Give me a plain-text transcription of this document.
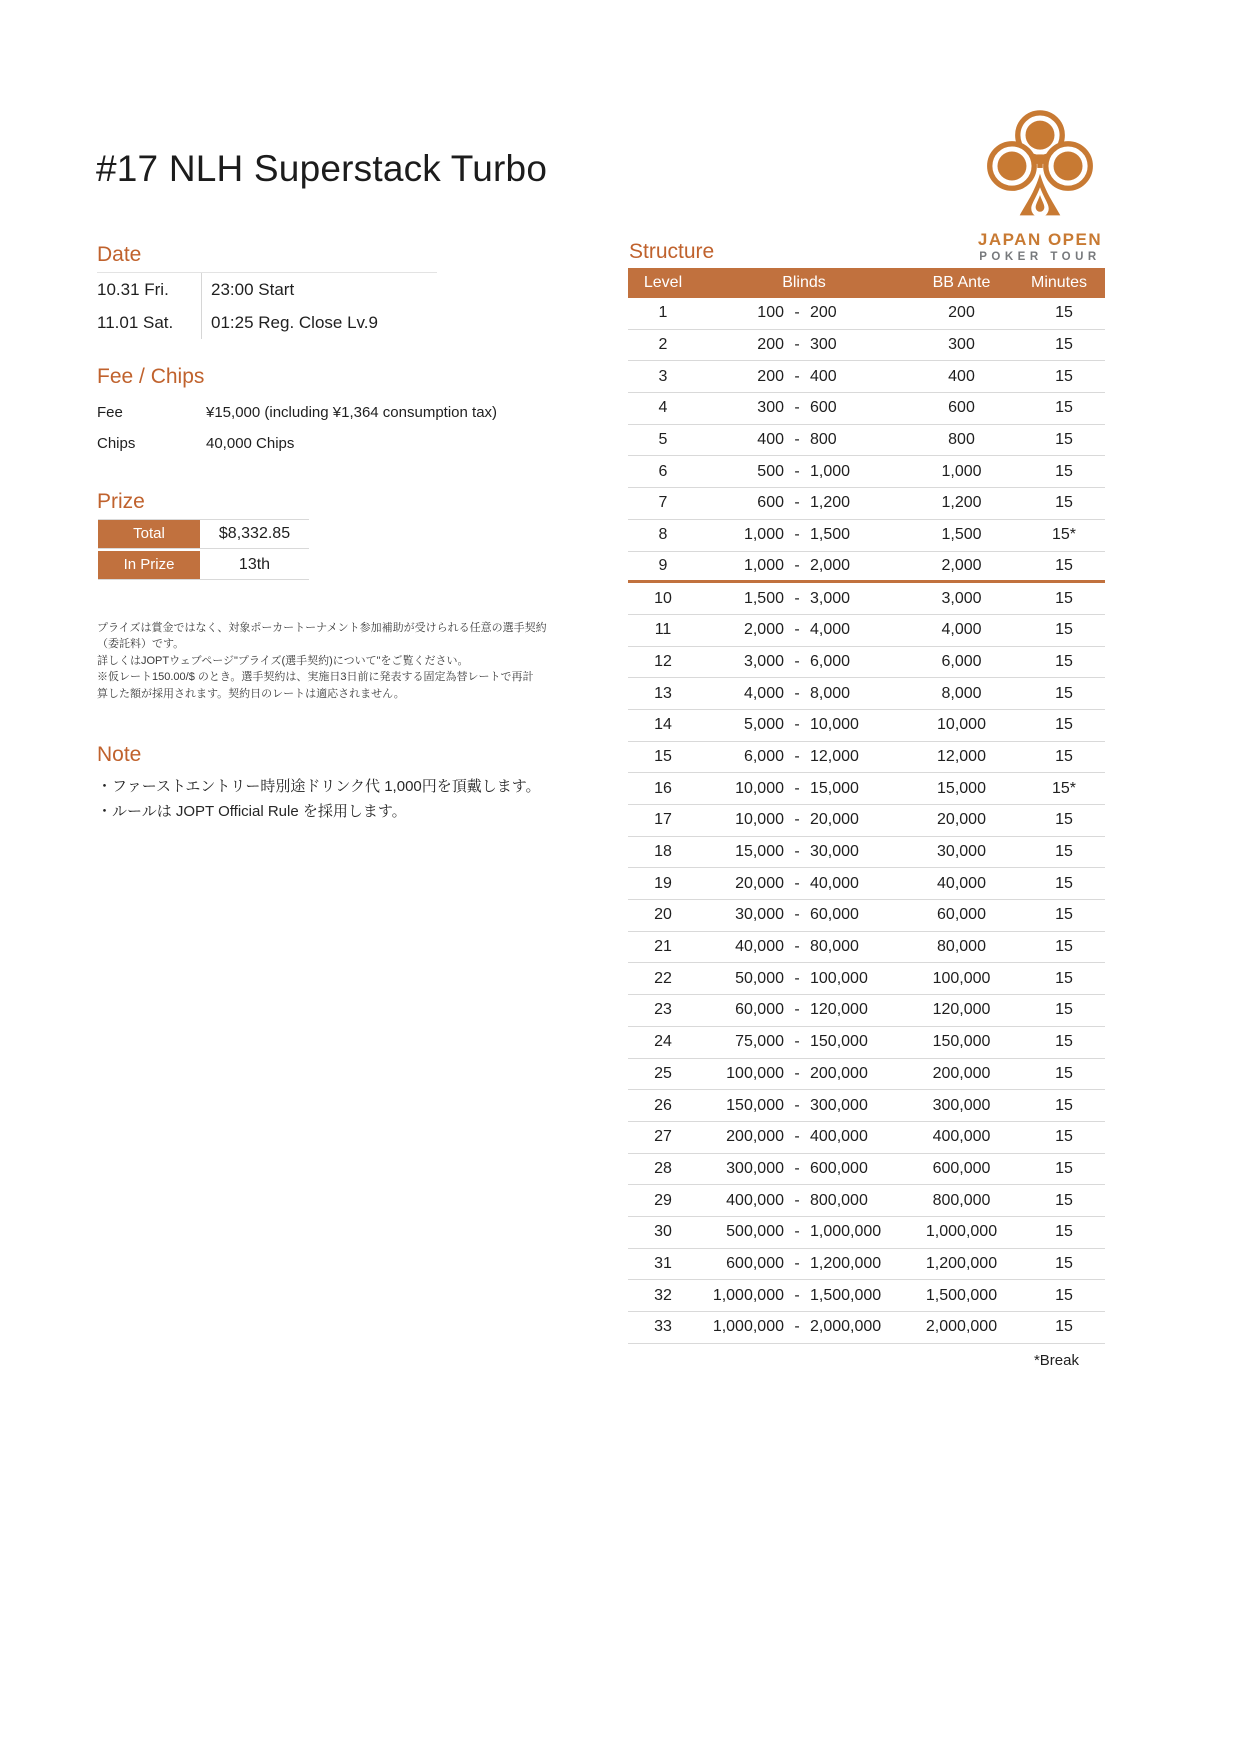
#17 NLH Superstack Turbo
JAPAN OPEN
POKER TOUR
Date
10.31 Fri.	23:00 Start
11.01 Sat.	01:25 Reg. Close Lv.9
Fee / Chips
Fee	¥15,000 (including ¥1,364 consumption tax)
Chips	40,000 Chips
Prize
Total	$8,332.85
In Prize	13th
プライズは賞金ではなく、対象ポーカートーナメント参加補助が受けられる任意の選手契約
（委託料）です。
詳しくはJOPTウェブページ"プライズ(選手契約)について"をご覧ください。
※仮レート150.00/$ のとき。選手契約は、実施日3日前に発表する固定為替レートで再計
算した額が採用されます。契約日のレートは適応されません。
Note
・ファーストエントリー時別途ドリンク代 1,000円を頂戴します。
・ルールは JOPT Official Rule を採用します。
Structure
Level	Blinds	BB Ante	Minutes
1	100 - 200	200	15
2	200 - 300	300	15
3	200 - 400	400	15
4	300 - 600	600	15
5	400 - 800	800	15
6	500 - 1,000	1,000	15
7	600 - 1,200	1,200	15
8	1,000 - 1,500	1,500	15*
9	1,000 - 2,000	2,000	15
10	1,500 - 3,000	3,000	15
11	2,000 - 4,000	4,000	15
12	3,000 - 6,000	6,000	15
13	4,000 - 8,000	8,000	15
14	5,000 - 10,000	10,000	15
15	6,000 - 12,000	12,000	15
16	10,000 - 15,000	15,000	15*
17	10,000 - 20,000	20,000	15
18	15,000 - 30,000	30,000	15
19	20,000 - 40,000	40,000	15
20	30,000 - 60,000	60,000	15
21	40,000 - 80,000	80,000	15
22	50,000 - 100,000	100,000	15
23	60,000 - 120,000	120,000	15
24	75,000 - 150,000	150,000	15
25	100,000 - 200,000	200,000	15
26	150,000 - 300,000	300,000	15
27	200,000 - 400,000	400,000	15
28	300,000 - 600,000	600,000	15
29	400,000 - 800,000	800,000	15
30	500,000 - 1,000,000	1,000,000	15
31	600,000 - 1,200,000	1,200,000	15
32	1,000,000 - 1,500,000	1,500,000	15
33	1,000,000 - 2,000,000	2,000,000	15
*Break
